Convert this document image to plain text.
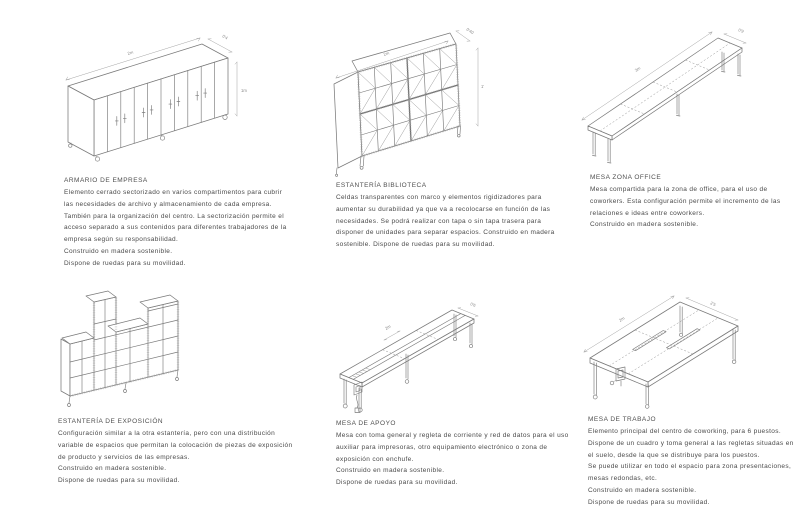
2m
0'4
1m
ARMARIO DE EMPRESA

Elemento cerrado sectorizado en varios compartimentos para cubrir las necesidades de archivo y almacenamiento de cada empresa. También para la organización del centro. La sectorización permite el acceso separado a sus contenidos para diferentes trabajadores de la empresa según su responsabilidad.

Construido en madera sostenible.

Dispone de ruedas para su movilidad.

2m
0'40
1'
ESTANTERÍA BIBLIOTECA

Celdas transparentes con marco y elementos rigidizadores para aumentar su durabilidad ya que va a recolocarse en función de las necesidades. Se podrá realizar con tapa o sin tapa trasera para disponer de unidades para separar espacios. Construido en madera sostenible. Dispone de ruedas para su movilidad.

3m
0'9
MESA ZONA OFFICE

Mesa compartida para la zona de office, para el uso de coworkers. Esta configuración permite el incremento de las relaciones e ideas entre coworkers.

Construido en madera sostenible.

ESTANTERÍA DE EXPOSICIÓN

Configuración similar a la otra estantería, pero con una distribución variable de espacios que permitan la colocación de piezas de exposición de producto y servicios de las empresas.

Construido en madera sostenible.

Dispone de ruedas para su movilidad.

2m
0'6
MESA DE APOYO

Mesa con toma general y regleta de corriente y red de datos para el uso auxiliar para impresoras, otro equipamiento electrónico o zona de exposición con enchufe.

Construido en madera sostenible.

Dispone de ruedas para su movilidad.

2m
2'5
MESA DE TRABAJO

Elemento principal del centro de coworking, para 6 puestos. Dispone de un cuadro y toma general a las regletas situadas en el suelo, desde la que se distribuye para los puestos.

Se puede utilizar en todo el espacio para zona presentaciones, mesas redondas, etc.

Construido en madera sostenible.

Dispone de ruedas para su movilidad.
